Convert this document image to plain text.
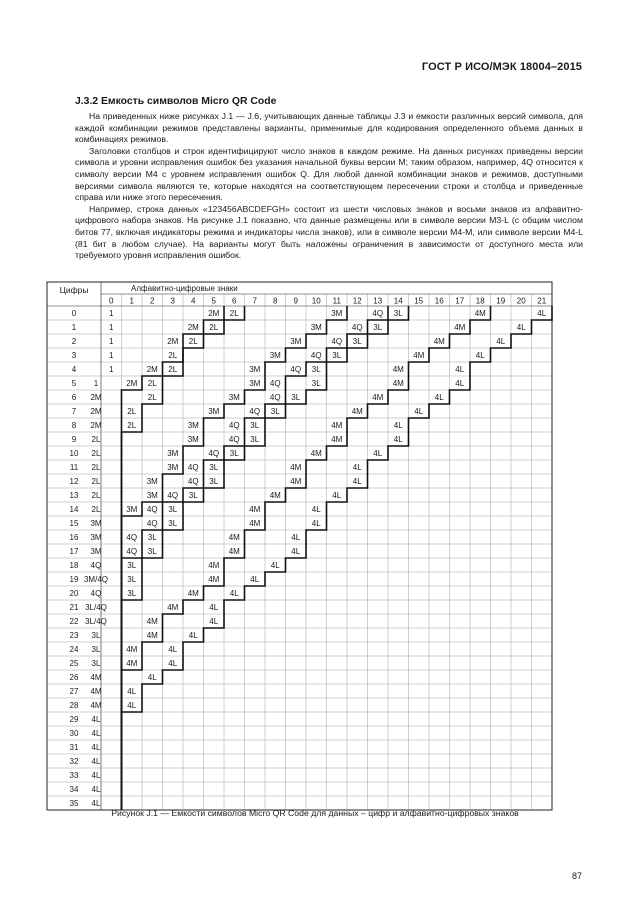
ГОСТ Р ИСО/МЭК 18004–2015
J.3.2 Емкость символов Micro QR Code

На приведенных ниже рисунках J.1 — J.6, учитывающих данные таблицы J.3 и емкости различных версий символа, для каждой комбинации режимов представлены варианты, применимые для кодирования определенного объема данных в комбинациях режимов.

Заголовки столбцов и строк идентифицируют число знаков в каждом режиме. На данных рисунках приведены версии символа и уровни исправления ошибок без указания начальной буквы версии М; таким образом, например, 4Q относится к символу версии М4 с уровнем исправления ошибок Q. Для любой данной комбинации знаков и режимов, доступными версиями символа являются те, которые находятся на соответствующем пересечении строки и столбца и приведенные справа или ниже этого пересечения.

Например, строка данных «123456ABCDEFGH» состоит из шести числовых знаков и восьми знаков из алфавитно-цифрового набора знаков. На рисунке J.1 показано, что данные размещены или в символе версии М3-L (с общим числом битов 77, включая индикаторы режима и индикаторы числа знаков), или в символе версии М4-М, или символе версии М4-L (81 бит в любом случае). На варианты могут быть наложены ограничения в зависимости от доступного места или требуемого уровня исправления ошибок.

Цифры	Алфавитно-цифровые знаки
0 1 2 3 4 5 6 7 8 9 10 11 12 13 14 15 16 17 18 19 20 21
0
1
2
3
4
5
6
7
8
9
10
11
12
13
14
15
16
17
18
19
20
21
22
23
24
25
26
27
28
29
30
31
32
33
34
35
3M/4Q
3L/4Q
3L/4Q
4L
4L
4L
4L
4L
4L
4L
4L
4L
4L
4L
4L
4L
4L
4L
4L
4L
4L
4L
4L
4L
4L
4L
4L
4L
4L
4L
4L
4L
4L
4L
4L
4L
4L
4L
4L
4M
4M
4M
4M
4M
4M
4M
4M
4M
4M
4M
4M
4M
4M
4M
4M
4M
4M
4M
4M
4M
4M
4M
4M
4M
4M
4M
4M
4M
3L
3L
3L
3L
3L
3L
3L
3L
3L
3L
3L
3L
3L
3L
3L
3L
3L
3L
3L
3L
3L
3L
3L
3L
4Q
4Q
4Q
4Q
4Q
4Q
4Q
4Q
4Q
4Q
4Q
4Q
4Q
4Q
4Q
4Q
4Q
4Q
4Q
4Q
3M
3M
3M
3M
3M
3M
3M
3M
3M
3M
3M
3M
3M
3M
3M
3M
3M
3M
2L
2L
2L
2L
2L
2L
2L
2L
2L
2L
2L
2L
2L
2L
2L
2M
2M
2M
2M
2M
2M
2M
2M
1
1
1
1
1
1
Рисунок J.1 — Емкости символов Micro QR Code для данных – цифр и алфавитно-цифровых знаков
87
